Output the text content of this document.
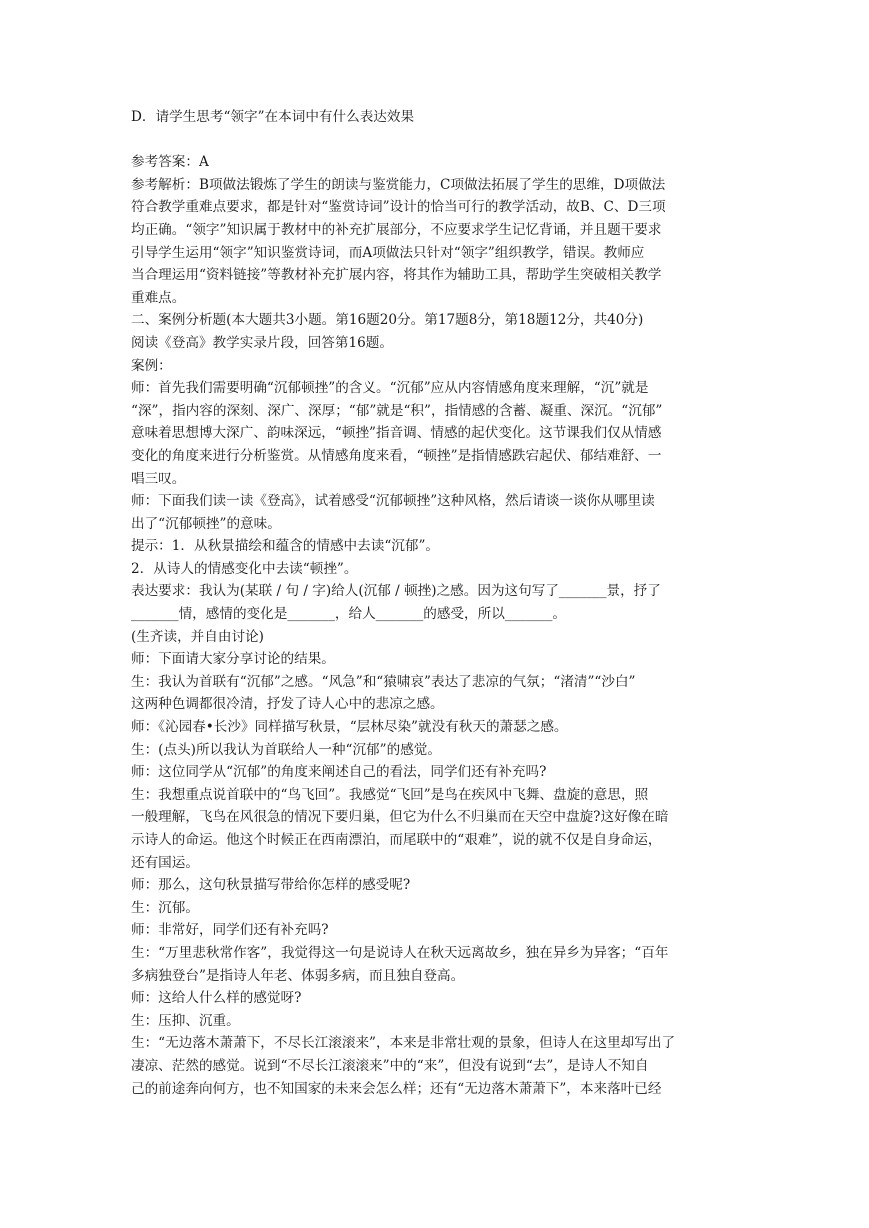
D．请学生思考“领字”在本词中有什么表达效果
参考答案：A
参考解析：B项做法锻炼了学生的朗读与鉴赏能力，C项做法拓展了学生的思维，D项做法
符合教学重难点要求，都是针对“鉴赏诗词”设计的恰当可行的教学活动，故B、C、D三项
均正确。“领字”知识属于教材中的补充扩展部分，不应要求学生记忆背诵，并且题干要求
引导学生运用“领字”知识鉴赏诗词，而A项做法只针对“领字”组织教学，错误。教师应
当合理运用“资料链接”等教材补充扩展内容，将其作为辅助工具，帮助学生突破相关教学
重难点。
二、案例分析题(本大题共3小题。第16题20分。第17题8分，第18题12分，共40分)
阅读《登高》教学实录片段，回答第16题。
案例：
师：首先我们需要明确“沉郁顿挫”的含义。“沉郁”应从内容情感角度来理解，“沉”就是
“深”，指内容的深刻、深广、深厚；“郁”就是“积”，指情感的含蓄、凝重、深沉。“沉郁”
意味着思想博大深广、韵味深远，“顿挫”指音调、情感的起伏变化。这节课我们仅从情感
变化的角度来进行分析鉴赏。从情感角度来看，“顿挫”是指情感跌宕起伏、郁结难舒、一
唱三叹。
师：下面我们读一读《登高》，试着感受“沉郁顿挫”这种风格，然后请谈一谈你从哪里读
出了“沉郁顿挫”的意味。
提示：1．从秋景描绘和蕴含的情感中去读“沉郁”。
2．从诗人的情感变化中去读“顿挫”。
表达要求：我认为(某联 / 句 / 字)给人(沉郁 / 顿挫)之感。因为这句写了_______景，抒了
_______情，感情的变化是_______，给人_______的感受，所以_______。
(生齐读，并自由讨论)
师：下面请大家分享讨论的结果。
生：我认为首联有“沉郁”之感。“风急”和“猿啸哀”表达了悲凉的气氛；“渚清”“沙白”
这两种色调都很冷清，抒发了诗人心中的悲凉之感。
师：《沁园春•长沙》同样描写秋景，“层林尽染”就没有秋天的萧瑟之感。
生：(点头)所以我认为首联给人一种“沉郁”的感觉。
师：这位同学从“沉郁”的角度来阐述自己的看法，同学们还有补充吗?
生：我想重点说首联中的“鸟飞回”。我感觉“飞回”是鸟在疾风中飞舞、盘旋的意思，照
一般理解，飞鸟在风很急的情况下要归巢，但它为什么不归巢而在天空中盘旋?这好像在暗
示诗人的命运。他这个时候正在西南漂泊，而尾联中的“艰难”，说的就不仅是自身命运，
还有国运。
师：那么，这句秋景描写带给你怎样的感受呢?
生：沉郁。
师：非常好，同学们还有补充吗?
生：“万里悲秋常作客”，我觉得这一句是说诗人在秋天远离故乡，独在异乡为异客；“百年
多病独登台”是指诗人年老、体弱多病，而且独自登高。
师：这给人什么样的感觉呀?
生：压抑、沉重。
生：“无边落木萧萧下，不尽长江滚滚来”，本来是非常壮观的景象，但诗人在这里却写出了
凄凉、茫然的感觉。说到“不尽长江滚滚来”中的“来”，但没有说到“去”，是诗人不知自
己的前途奔向何方，也不知国家的未来会怎么样；还有“无边落木萧萧下”，本来落叶已经
